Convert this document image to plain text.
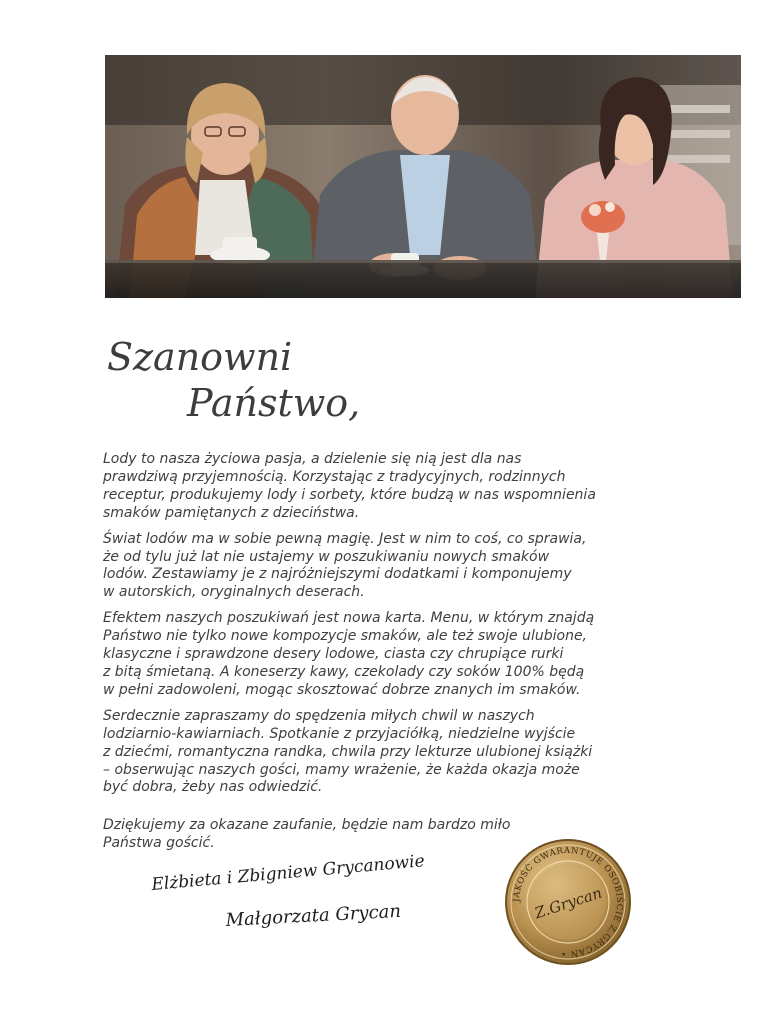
Szanowni
Państwo,

Lody to nasza życiowa pasja, a dzielenie się nią jest dla nas
prawdziwą przyjemnością. Korzystając z tradycyjnych, rodzinnych
receptur, produkujemy lody i sorbety, które budzą w nas wspomnienia
smaków pamiętanych z dzieciństwa.

Świat lodów ma w sobie pewną magię. Jest w nim to coś, co sprawia,
że od tylu już lat nie ustajemy w poszukiwaniu nowych smaków
lodów. Zestawiamy je z najróżniejszymi dodatkami i komponujemy
w autorskich, oryginalnych deserach.

Efektem naszych poszukiwań jest nowa karta. Menu, w którym znajdą
Państwo nie tylko nowe kompozycje smaków, ale też swoje ulubione,
klasyczne i sprawdzone desery lodowe, ciasta czy chrupiące rurki
z bitą śmietaną. A koneserzy kawy, czekolady czy soków 100% będą
w pełni zadowoleni, mogąc skosztować dobrze znanych im smaków.

Serdecznie zapraszamy do spędzenia miłych chwil w naszych
lodziarnio-kawiarniach. Spotkanie z przyjaciółką, niedzielne wyjście
z dziećmi, romantyczna randka, chwila przy lekturze ulubionej książki
– obserwując naszych gości, mamy wrażenie, że każda okazja może
być dobra, żeby nas odwiedzić.

Dziękujemy za okazane zaufanie, będzie nam bardzo miło
Państwa gościć.

Elżbieta i Zbigniew Grycanowie
Małgorzata Grycan
JAKOŚĆ GWARANTUJE OSOBIŚCIE Z.GRYCAN •
Z.Grycan
